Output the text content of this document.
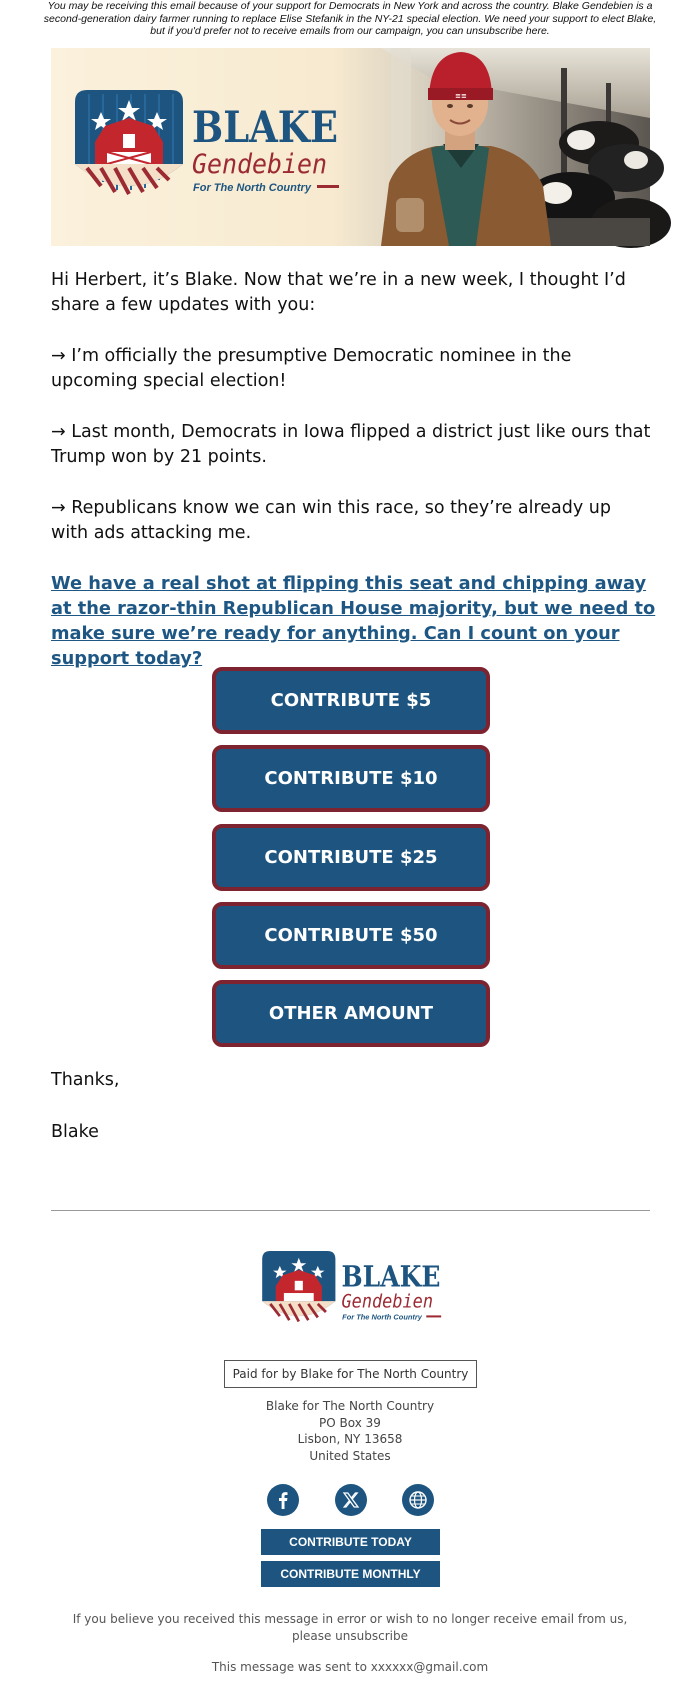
You may be receiving this email because of your support for Democrats in New York and across the country. Blake Gendebien is a second-generation dairy farmer running to replace Elise Stefanik in the NY-21 special election. We need your support to elect Blake, but if you'd prefer not to receive emails from our campaign, you can unsubscribe here.
≡≡
BLAKE
Gendebien
For The North Country
Hi Herbert, it’s Blake. Now that we’re in a new week, I thought I’d share a few updates with you:
→ I’m officially the presumptive Democratic nominee in the upcoming special election!
→ Last month, Democrats in Iowa flipped a district just like ours that Trump won by 21 points.
→ Republicans know we can win this race, so they’re already up with ads attacking me.
We have a real shot at flipping this seat and chipping away at the razor-thin Republican House majority, but we need to make sure we’re ready for anything. Can I count on your support today?
CONTRIBUTE $5
CONTRIBUTE $10
CONTRIBUTE $25
CONTRIBUTE $50
OTHER AMOUNT
Thanks,
Blake
BLAKE
Gendebien
For The North Country
Paid for by Blake for The North Country
Blake for The North Country
PO Box 39
Lisbon, NY 13658
United States
CONTRIBUTE TODAY
CONTRIBUTE MONTHLY
If you believe you received this message in error or wish to no longer receive email from us, please unsubscribe
This message was sent to xxxxxx@gmail.com
